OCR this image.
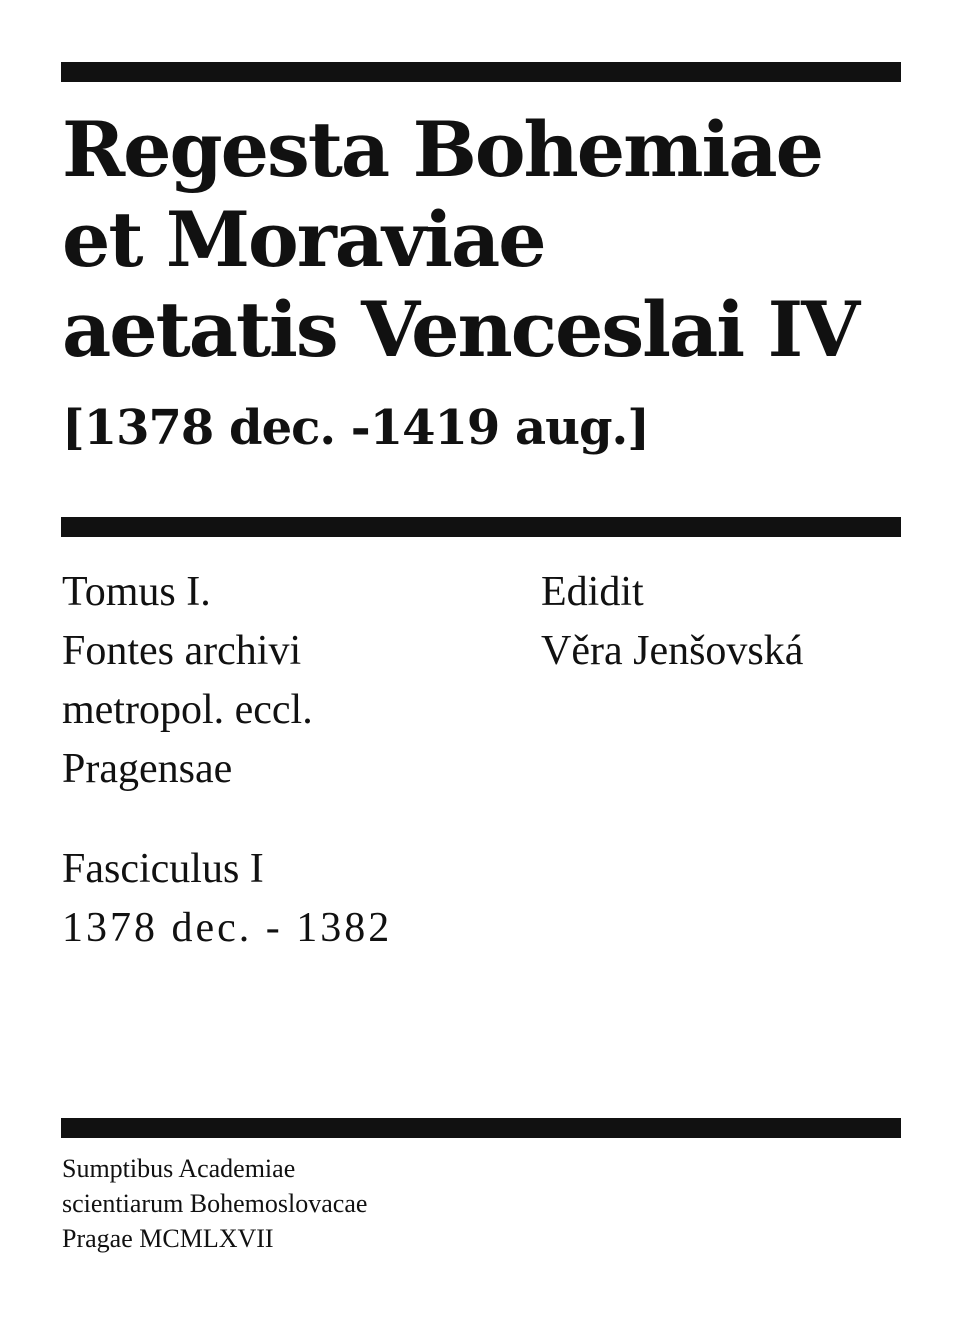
Regesta Bohemiae
et Moraviae
aetatis Venceslai IV
[1378 dec. -1419 aug.]
Tomus I.
Fontes archivi
metropol. eccl.
Pragensae
Edidit
Věra Jenšovská
Fasciculus I
1378 dec. - 1382
Sumptibus Academiae
scientiarum Bohemoslovacae
Pragae MCMLXVII
